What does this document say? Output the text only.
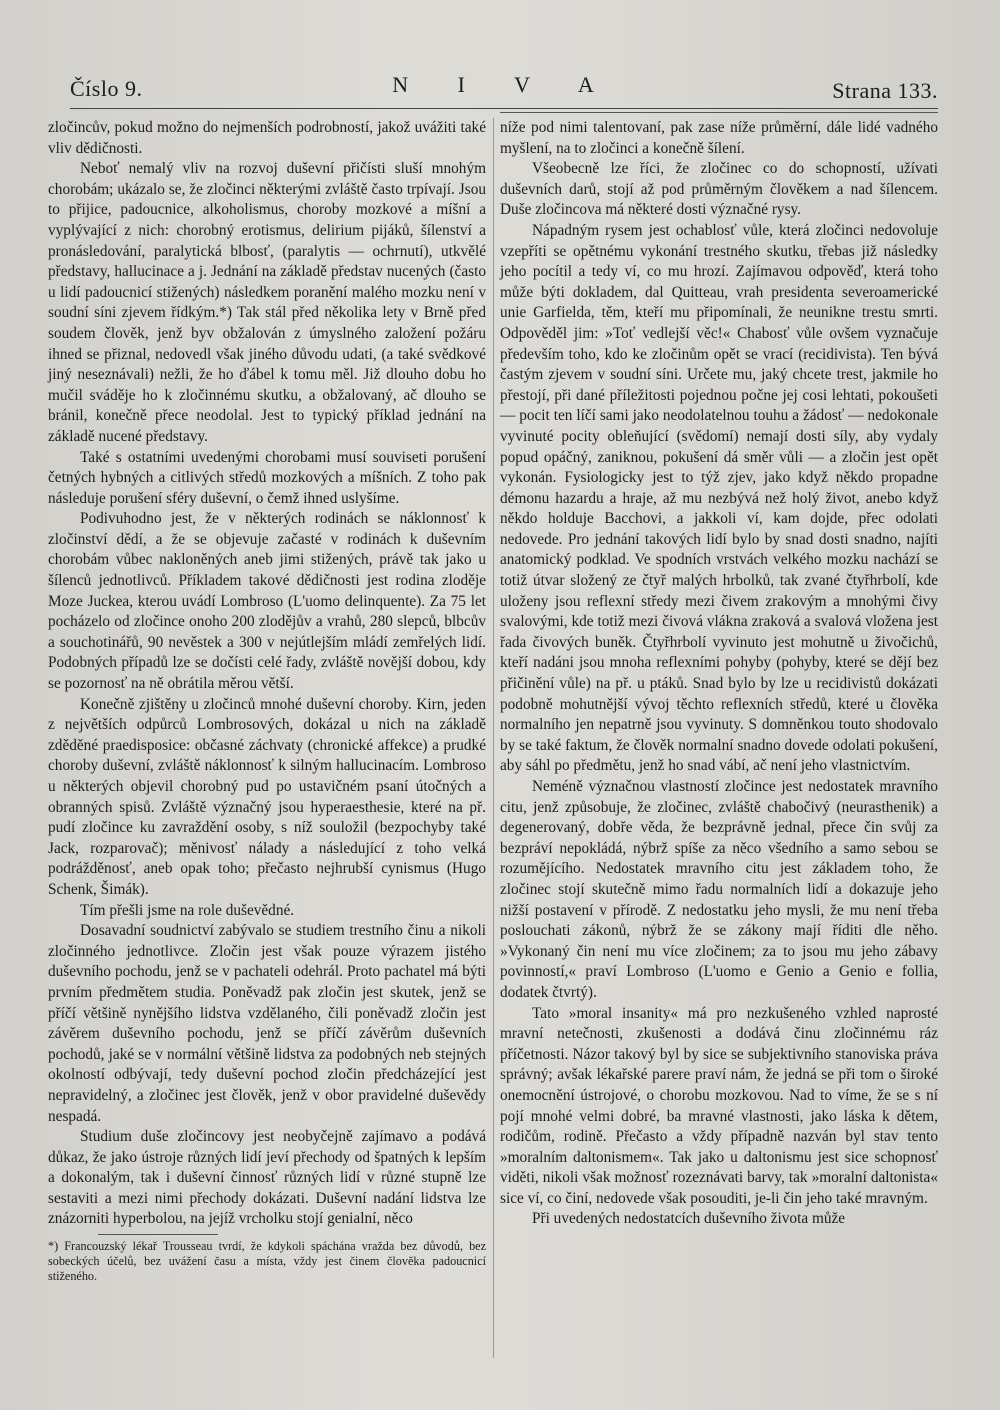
Číslo 9.	N I V A	Strana 133.

zločincův, pokud možno do nejmenších podrobností, jakož uvážiti také vliv dědičnosti.

Neboť nemalý vliv na rozvoj duševní přičísti sluší mnohým chorobám; ukázalo se, že zločinci některými zvláště často trpívají. Jsou to přijice, padoucnice, alkoholismus, choroby mozkové a míšní a vyplývající z nich: chorobný erotismus, delirium pijáků, šílenství a pronásledování, paralytická blbosť, (paralytis — ochrnutí), utkvělé představy, hallucinace a j. Jednání na základě představ nucených (často u lidí padoucnicí stižených) následkem poranění malého mozku není v soudní síni zjevem řídkým.*) Tak stál před několika lety v Brně před soudem člověk, jenž byv obžalován z úmyslného založení požáru ihned se přiznal, nedovedl však jiného důvodu udati, (a také svědkové jiný neseznávali) nežli, že ho ďábel k tomu měl. Již dlouho dobu ho mučil sváděje ho k zločinnému skutku, a obžalovaný, ač dlouho se bránil, konečně přece neodolal. Jest to typický příklad jednání na základě nucené představy.

Také s ostatními uvedenými chorobami musí souviseti porušení četných hybných a citlivých středů mozkových a míšních. Z toho pak následuje porušení sféry duševní, o čemž ihned uslyšíme.

Podivuhodno jest, že v některých rodinách se náklonnosť k zločinství dědí, a že se objevuje začasté v rodinách k duševním chorobám vůbec nakloněných aneb jimi stižených, právě tak jako u šílenců jednotlivců. Příkladem takové dědičnosti jest rodina zloděje Moze Juckea, kterou uvádí Lombroso (L'uomo delinquente). Za 75 let pocházelo od zločince onoho 200 zlodějův a vrahů, 280 slepců, blbcův a souchotinářů, 90 nevěstek a 300 v nejútlejším mládí zemřelých lidí. Podobných případů lze se dočísti celé řady, zvláště novější dobou, kdy se pozornosť na ně obrátila měrou větší.

Konečně zjištěny u zločinců mnohé duševní choroby. Kirn, jeden z největších odpůrců Lombrosových, dokázal u nich na základě zděděné praedisposice: občasné záchvaty (chronické affekce) a prudké choroby duševní, zvláště náklonnosť k silným hallucinacím. Lombroso u některých objevil chorobný pud po ustavičném psaní útočných a obranných spisů. Zvláště význačný jsou hyperaesthesie, které na př. pudí zločince ku zavraždění osoby, s níž souložil (bezpochyby také Jack, rozparovač); měnivosť nálady a následující z toho velká podrážděnosť, aneb opak toho; přečasto nejhrubší cynismus (Hugo Schenk, Šimák).

Tím přešli jsme na role duševědné.

Dosavadní soudnictví zabývalo se studiem trestního činu a nikoli zločinného jednotlivce. Zločin jest však pouze výrazem jistého duševního pochodu, jenž se v pachateli odehrál. Proto pachatel má býti prvním předmětem studia. Poněvadž pak zločin jest skutek, jenž se příčí většině nynějšího lidstva vzdělaného, čili poněvadž zločin jest závěrem duševního pochodu, jenž se příčí závěrům duševních pochodů, jaké se v normální většině lidstva za podobných neb stejných okolností odbývají, tedy duševní pochod zločin předcházející jest nepravidelný, a zločinec jest člověk, jenž v obor pravidelné duševědy nespadá.

Studium duše zločincovy jest neobyčejně zajímavo a podává důkaz, že jako ústroje různých lidí jeví přechody od špatných k lepším a dokonalým, tak i duševní činnosť různých lidí v různé stupně lze sestaviti a mezi nimi přechody dokázati. Duševní nadání lidstva lze znázorniti hyperbolou, na jejíž vrcholku stojí genialní, něco

*) Francouzský lékař Trousseau tvrdí, že kdykoli spáchána vražda bez důvodů, bez sobeckých účelů, bez uvážení času a místa, vždy jest činem člověka padoucnicí stiženého.

níže pod nimi talentovaní, pak zase níže průměrní, dále lidé vadného myšlení, na to zločinci a konečně šílení.

Všeobecně lze říci, že zločinec co do schopností, užívati duševních darů, stojí až pod průměrným člověkem a nad šílencem. Duše zločincova má některé dosti význačné rysy.

Nápadným rysem jest ochablosť vůle, která zločinci nedovoluje vzepříti se opětnému vykonání trestného skutku, třebas již následky jeho pocítil a tedy ví, co mu hrozí. Zajímavou odpověď, která toho může býti dokladem, dal Quitteau, vrah presidenta severoamerické unie Garfielda, těm, kteří mu připomínali, že neunikne trestu smrti. Odpověděl jim: »Toť vedlejší věc!« Chabosť vůle ovšem vyznačuje především toho, kdo ke zločinům opět se vrací (recidivista). Ten bývá častým zjevem v soudní síni. Určete mu, jaký chcete trest, jakmile ho přestojí, při dané příležitosti pojednou počne jej cosi lehtati, pokoušeti — pocit ten líčí sami jako neodolatelnou touhu a žádosť — nedokonale vyvinuté pocity obleňující (svědomí) nemají dosti síly, aby vydaly popud opáčný, zaniknou, pokušení dá směr vůli — a zločin jest opět vykonán. Fysiologicky jest to týž zjev, jako když někdo propadne démonu hazardu a hraje, až mu nezbývá než holý život, anebo když někdo holduje Bacchovi, a jakkoli ví, kam dojde, přec odolati nedovede. Pro jednání takových lidí bylo by snad dosti snadno, najíti anatomický podklad. Ve spodních vrstvách velkého mozku nachází se totiž útvar složený ze čtyř malých hrbolků, tak zvané čtyřhrbolí, kde uloženy jsou reflexní středy mezi čivem zrakovým a mnohými čivy svalovými, kde totiž mezi čivová vlákna zraková a svalová vložena jest řada čivových buněk. Čtyřhrbolí vyvinuto jest mohutně u živočichů, kteří nadáni jsou mnoha reflexními pohyby (pohyby, které se dějí bez přičinění vůle) na př. u ptáků. Snad bylo by lze u recidivistů dokázati podobně mohutnější vývoj těchto reflexních středů, které u člověka normalního jen nepatrně jsou vyvinuty. S domněnkou touto shodovalo by se také faktum, že člověk normalní snadno dovede odolati pokušení, aby sáhl po předmětu, jenž ho snad vábí, ač není jeho vlastnictvím.

Neméně význačnou vlastností zločince jest nedostatek mravního citu, jenž způsobuje, že zločinec, zvláště chabočivý (neurasthenik) a degenerovaný, dobře věda, že bezprávně jednal, přece čin svůj za bezpráví nepokládá, nýbrž spíše za něco všedního a samo sebou se rozumějícího. Nedostatek mravního citu jest základem toho, že zločinec stojí skutečně mimo řadu normalních lidí a dokazuje jeho nižší postavení v přírodě. Z nedostatku jeho mysli, že mu není třeba poslouchati zákonů, nýbrž že se zákony mají říditi dle něho. »Vykonaný čin není mu více zločinem; za to jsou mu jeho zábavy povinností,« praví Lombroso (L'uomo e Genio a Genio e follia, dodatek čtvrtý).

Tato »moral insanity« má pro nezkušeného vzhled naprosté mravní netečnosti, zkušenosti a dodává činu zločinnému ráz příčetnosti. Názor takový byl by sice se subjektivního stanoviska práva správný; avšak lékařské parere praví nám, že jedná se při tom o široké onemocnění ústrojové, o chorobu mozkovou. Nad to víme, že se s ní pojí mnohé velmi dobré, ba mravné vlastnosti, jako láska k dětem, rodičům, rodině. Přečasto a vždy případně nazván byl stav tento »moralním daltonismem«. Tak jako u daltonismu jest sice schopnosť viděti, nikoli však možnosť rozeznávati barvy, tak »moralní daltonista« sice ví, co činí, nedovede však posouditi, je-li čin jeho také mravným.

Při uvedených nedostatcích duševního života může
